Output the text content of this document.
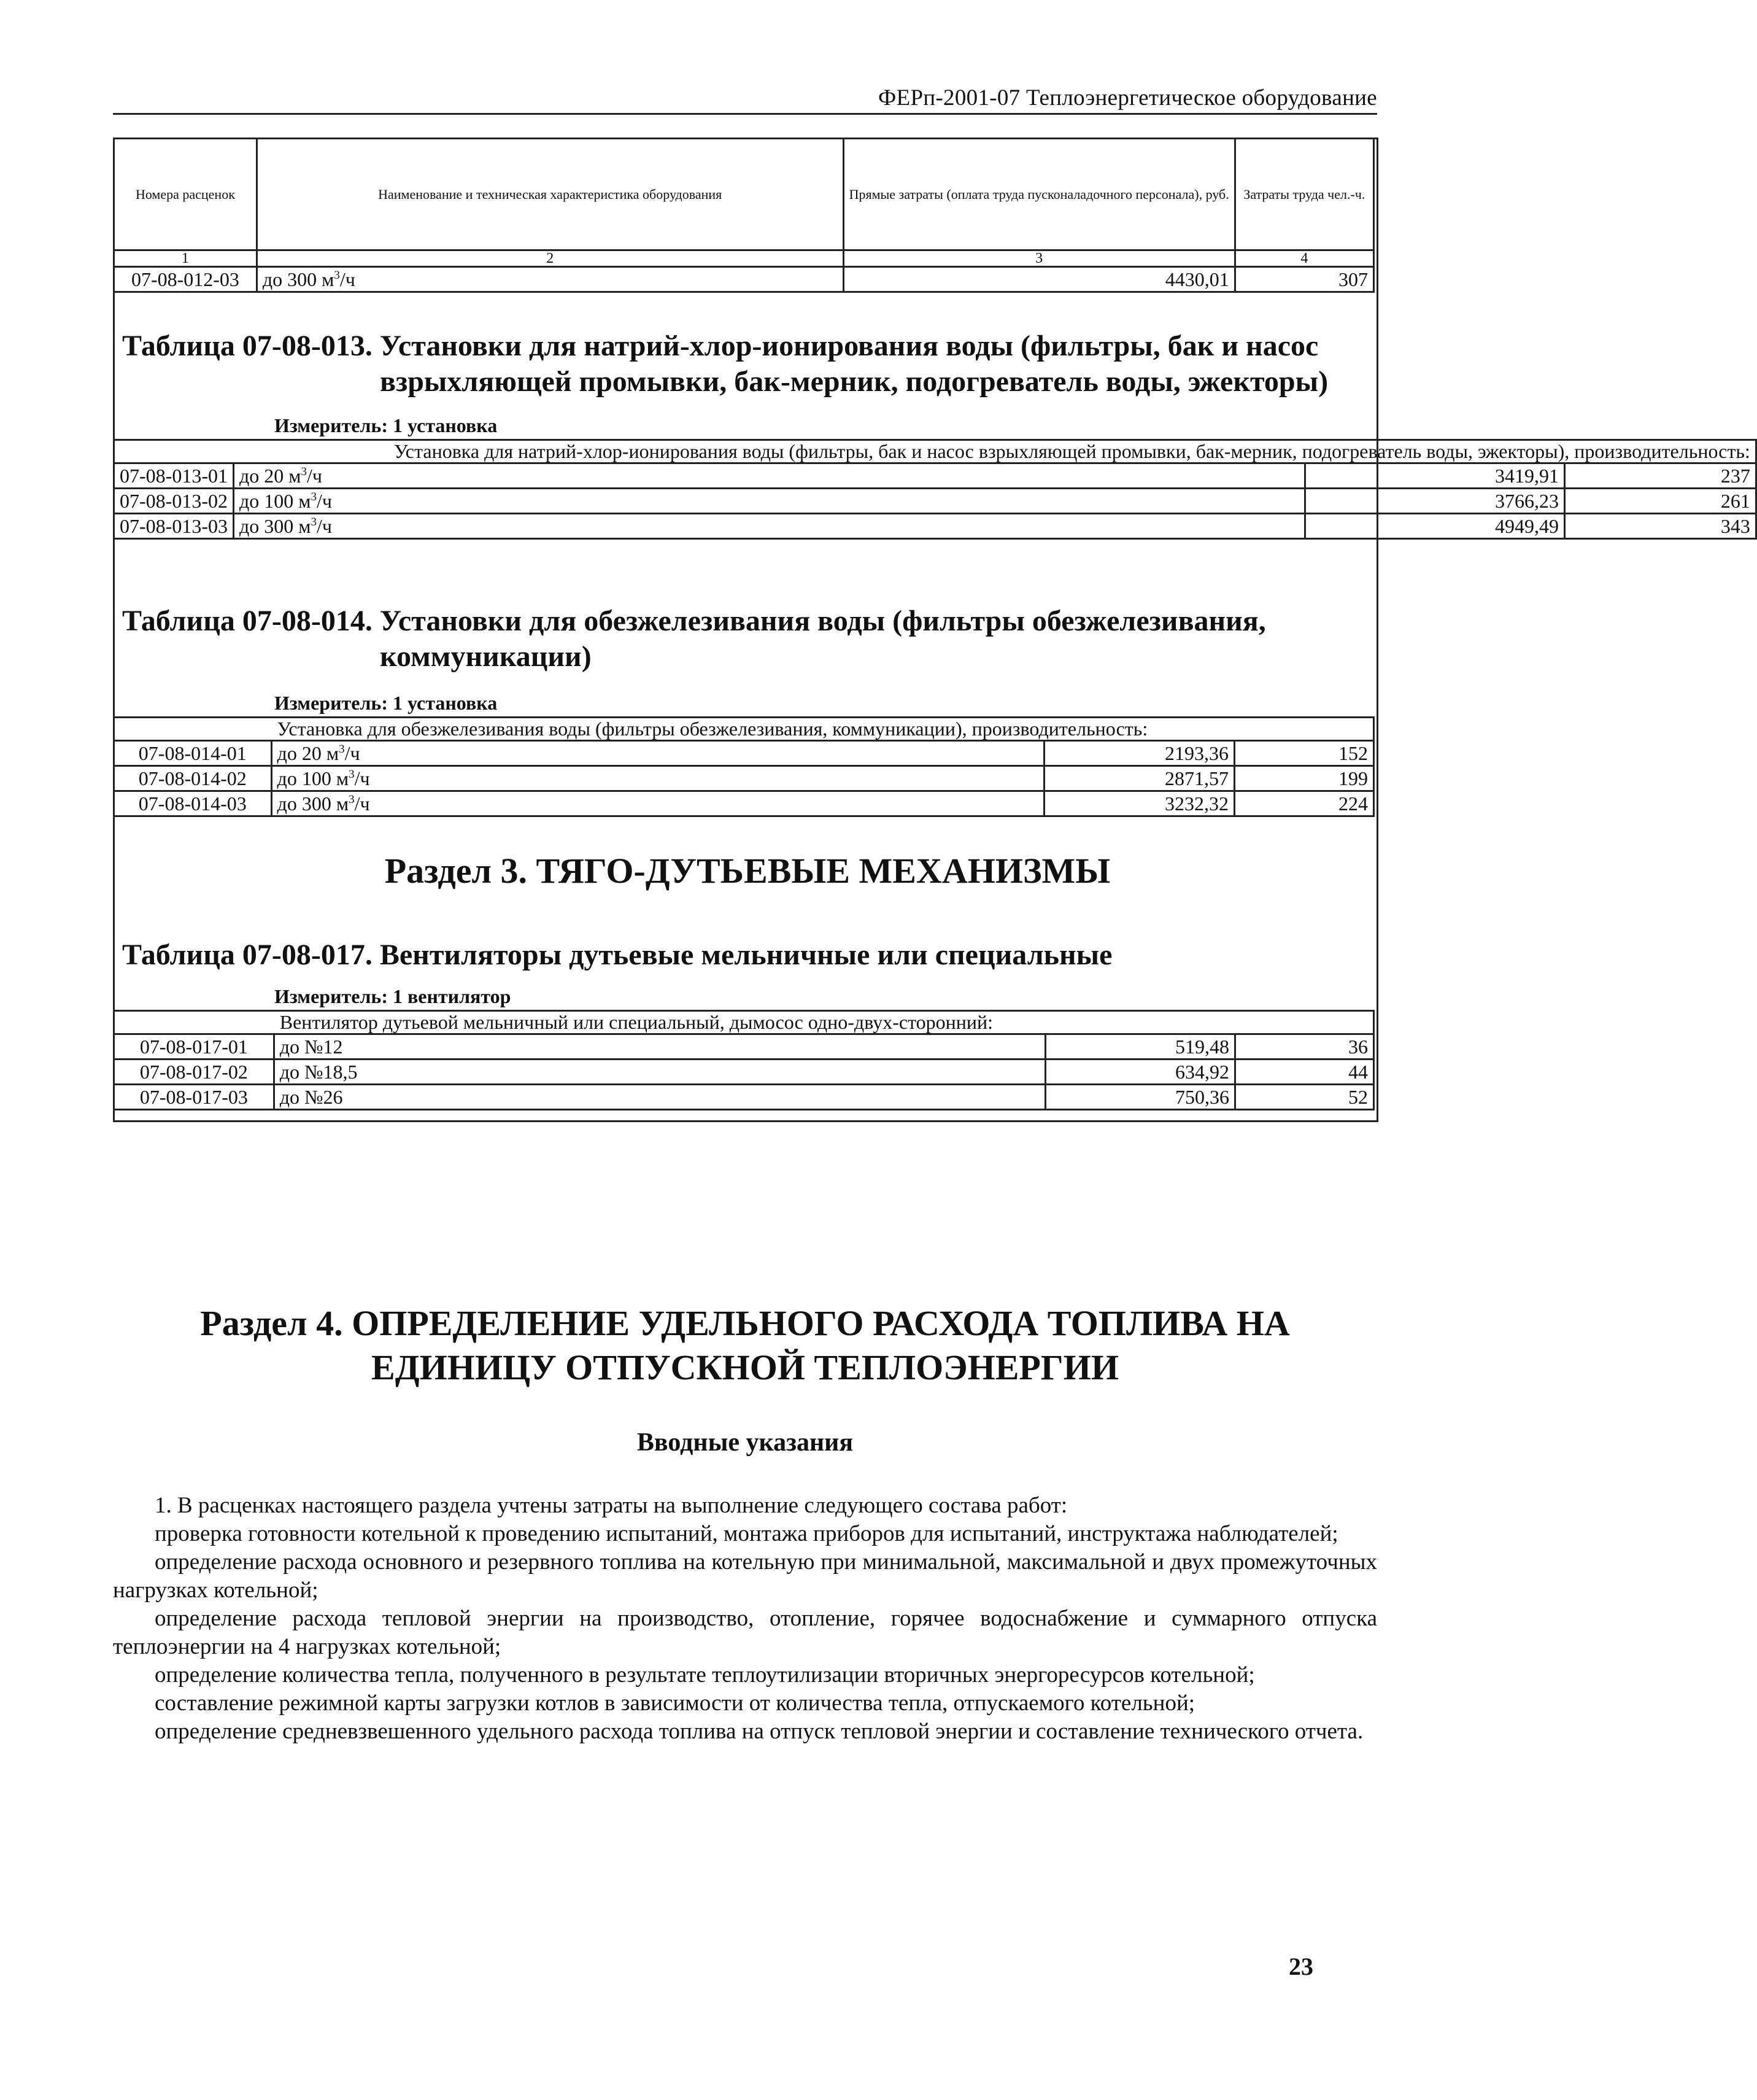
ФЕРп-2001-07 Теплоэнергетическое оборудование
Номера расценок	Наименование и техническая характеристика оборудования	Прямые затраты (оплата труда пусконаладочного персонала), руб.	Затраты труда чел.-ч.
1	2	3	4
07-08-012-03	до 300 $м^3/ч$	4430,01	307
Таблица 07-08-013. Установки для натрий-хлор-ионирования воды (фильтры, бак и насос
взрыхляющей промывки, бак-мерник, подогреватель воды, эжекторы)
Измеритель: 1 установка

	Установка для натрий-хлор-ионирования воды (фильтры, бак и насос взрыхляющей промывки, бак-мерник, подогреватель воды, эжекторы), производительность:		

07-08-013-01	до 20 $м^3/ч$	3419,91	237
07-08-013-02	до 100 $м^3/ч$	3766,23	261
07-08-013-03	до 300 $м^3/ч$	4949,49	343
Таблица 07-08-014. Установки для обезжелезивания воды (фильтры обезжелезивания,
коммуникации)
Измеритель: 1 установка
	Установка для обезжелезивания воды (фильтры обезжелезивания, коммуникации), производительность:		
07-08-014-01	до 20 $м^3/ч$	2193,36	152
07-08-014-02	до 100 $м^3/ч$	2871,57	199
07-08-014-03	до 300 $м^3/ч$	3232,32	224
Раздел 3. ТЯГО-ДУТЬЕВЫЕ МЕХАНИЗМЫ
Таблица 07-08-017. Вентиляторы дутьевые мельничные или специальные
Измеритель: 1 вентилятор
	Вентилятор дутьевой мельничный или специальный, дымосос одно-двух-сторонний:		
07-08-017-01	до №12	519,48	36
07-08-017-02	до №18,5	634,92	44
07-08-017-03	до №26	750,36	52
Раздел 4. ОПРЕДЕЛЕНИЕ УДЕЛЬНОГО РАСХОДА ТОПЛИВА НА
ЕДИНИЦУ ОТПУСКНОЙ ТЕПЛОЭНЕРГИИ
Вводные указания

1. В расценках настоящего раздела учтены затраты на выполнение следующего состава работ:

проверка готовности котельной к проведению испытаний, монтажа приборов для испытаний, инструктажа наблюдателей;

определение расхода основного и резервного топлива на котельную при минимальной, максимальной и двух промежуточных нагрузках котельной;

определение расхода тепловой энергии на производство, отопление, горячее водоснабжение и суммарного отпуска теплоэнергии на 4 нагрузках котельной;

определение количества тепла, полученного в результате теплоутилизации вторичных энергоресурсов котельной;

составление режимной карты загрузки котлов в зависимости от количества тепла, отпускаемого котельной;

определение средневзвешенного удельного расхода топлива на отпуск тепловой энергии и составление технического отчета.

23
